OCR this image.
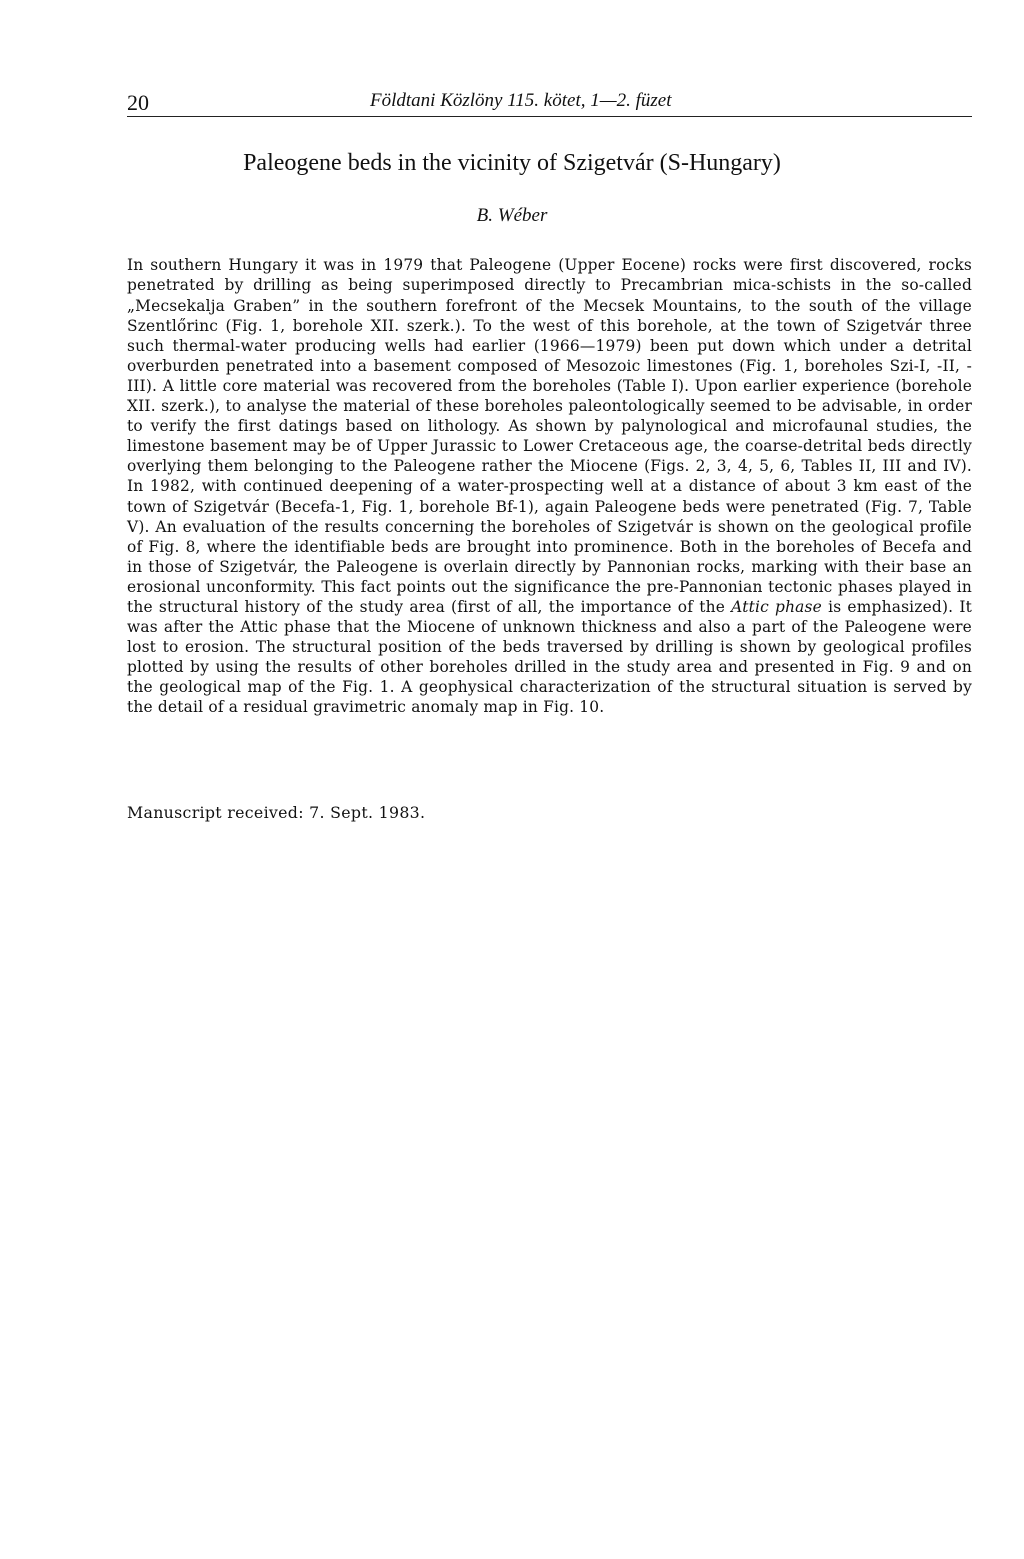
20	Földtani Közlöny 115. kötet, 1—2. füzet
Paleogene beds in the vicinity of Szigetvár (S-Hungary)
B. Wéber

In southern Hungary it was in 1979 that Paleogene (Upper Eocene) rocks were first discovered, rocks penetrated by drilling as being superimposed directly to Precambrian mica-schists in the so-called „Mecsekalja Graben” in the southern forefront of the Mecsek Mountains, to the south of the village Szentlőrinc (Fig. 1, borehole XII. szerk.). To the west of this borehole, at the town of Szigetvár three such thermal-water producing wells had earlier (1966—1979) been put down which under a detrital overburden penetrated into a basement composed of Mesozoic limestones (Fig. 1, boreholes Szi-I, -II, -III). A little core material was recovered from the boreholes (Table I). Upon earlier experience (borehole XII. szerk.), to analyse the material of these boreholes paleontologically seemed to be advisable, in order to verify the first datings based on lithology. As shown by palynological and microfaunal studies, the limestone basement may be of Upper Jurassic to Lower Cretaceous age, the coarse-detrital beds directly overlying them belonging to the Paleogene rather the Miocene (Figs. 2, 3, 4, 5, 6, Tables II, III and IV). In 1982, with continued deepening of a water-prospecting well at a distance of about 3 km east of the town of Szigetvár (Becefa-1, Fig. 1, borehole Bf-1), again Paleogene beds were penetrated (Fig. 7, Table V). An evaluation of the results concerning the boreholes of Szigetvár is shown on the geological profile of Fig. 8, where the identifiable beds are brought into prominence. Both in the boreholes of Becefa and in those of Szigetvár, the Paleogene is overlain directly by Pannonian rocks, marking with their base an erosional unconformity. This fact points out the significance the pre-Pannonian tectonic phases played in the structural history of the study area (first of all, the importance of the Attic phase is emphasized). It was after the Attic phase that the Miocene of unknown thickness and also a part of the Paleogene were lost to erosion. The structural position of the beds traversed by drilling is shown by geological profiles plotted by using the results of other boreholes drilled in the study area and presented in Fig. 9 and on the geological map of the Fig. 1. A geophysical characterization of the structural situation is served by the detail of a residual gravimetric anomaly map in Fig. 10.

Manuscript received: 7. Sept. 1983.
